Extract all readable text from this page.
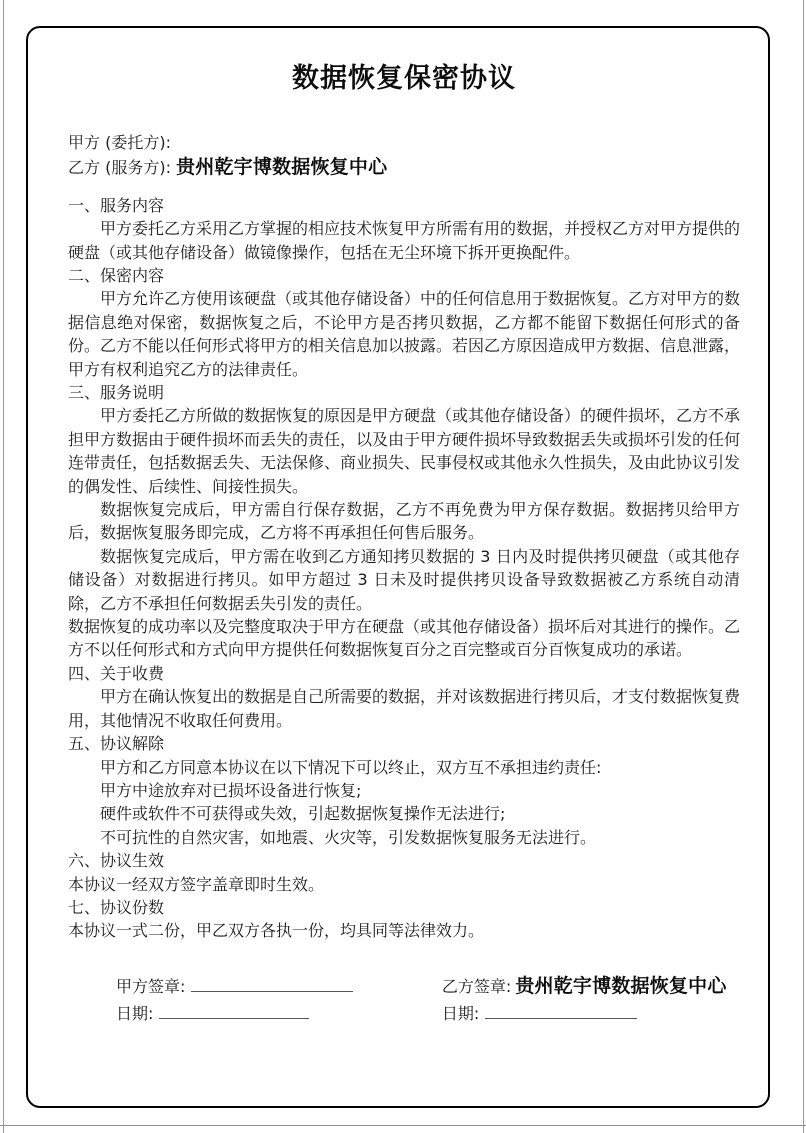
数据恢复保密协议
甲方 (委托方):
乙方 (服务方): 贵州乾宇博数据恢复中心
一、服务内容

甲方委托乙方采用乙方掌握的相应技术恢复甲方所需有用的数据，并授权乙方对甲方提供的硬盘（或其他存储设备）做镜像操作，包括在无尘环境下拆开更换配件。

二、保密内容

甲方允许乙方使用该硬盘（或其他存储设备）中的任何信息用于数据恢复。乙方对甲方的数据信息绝对保密，数据恢复之后，不论甲方是否拷贝数据，乙方都不能留下数据任何形式的备份。乙方不能以任何形式将甲方的相关信息加以披露。若因乙方原因造成甲方数据、信息泄露，甲方有权利追究乙方的法律责任。

三、服务说明

甲方委托乙方所做的数据恢复的原因是甲方硬盘（或其他存储设备）的硬件损坏，乙方不承担甲方数据由于硬件损坏而丢失的责任，以及由于甲方硬件损坏导致数据丢失或损坏引发的任何连带责任，包括数据丢失、无法保修、商业损失、民事侵权或其他永久性损失，及由此协议引发的偶发性、后续性、间接性损失。

数据恢复完成后，甲方需自行保存数据，乙方不再免费为甲方保存数据。数据拷贝给甲方后，数据恢复服务即完成，乙方将不再承担任何售后服务。

数据恢复完成后，甲方需在收到乙方通知拷贝数据的 3 日内及时提供拷贝硬盘（或其他存储设备）对数据进行拷贝。如甲方超过 3 日未及时提供拷贝设备导致数据被乙方系统自动清除，乙方不承担任何数据丢失引发的责任。

数据恢复的成功率以及完整度取决于甲方在硬盘（或其他存储设备）损坏后对其进行的操作。乙方不以任何形式和方式向甲方提供任何数据恢复百分之百完整或百分百恢复成功的承诺。

四、关于收费

甲方在确认恢复出的数据是自己所需要的数据，并对该数据进行拷贝后，才支付数据恢复费用，其他情况不收取任何费用。

五、协议解除

甲方和乙方同意本协议在以下情况下可以终止，双方互不承担违约责任:

甲方中途放弃对已损坏设备进行恢复;
硬件或软件不可获得或失效，引起数据恢复操作无法进行;
不可抗性的自然灾害，如地震、火灾等，引发数据恢复服务无法进行。
六、协议生效

本协议一经双方签字盖章即时生效。

七、协议份数

本协议一式二份，甲乙双方各执一份，均具同等法律效力。

甲方签章:
日期:
乙方签章: 贵州乾宇博数据恢复中心
日期:
